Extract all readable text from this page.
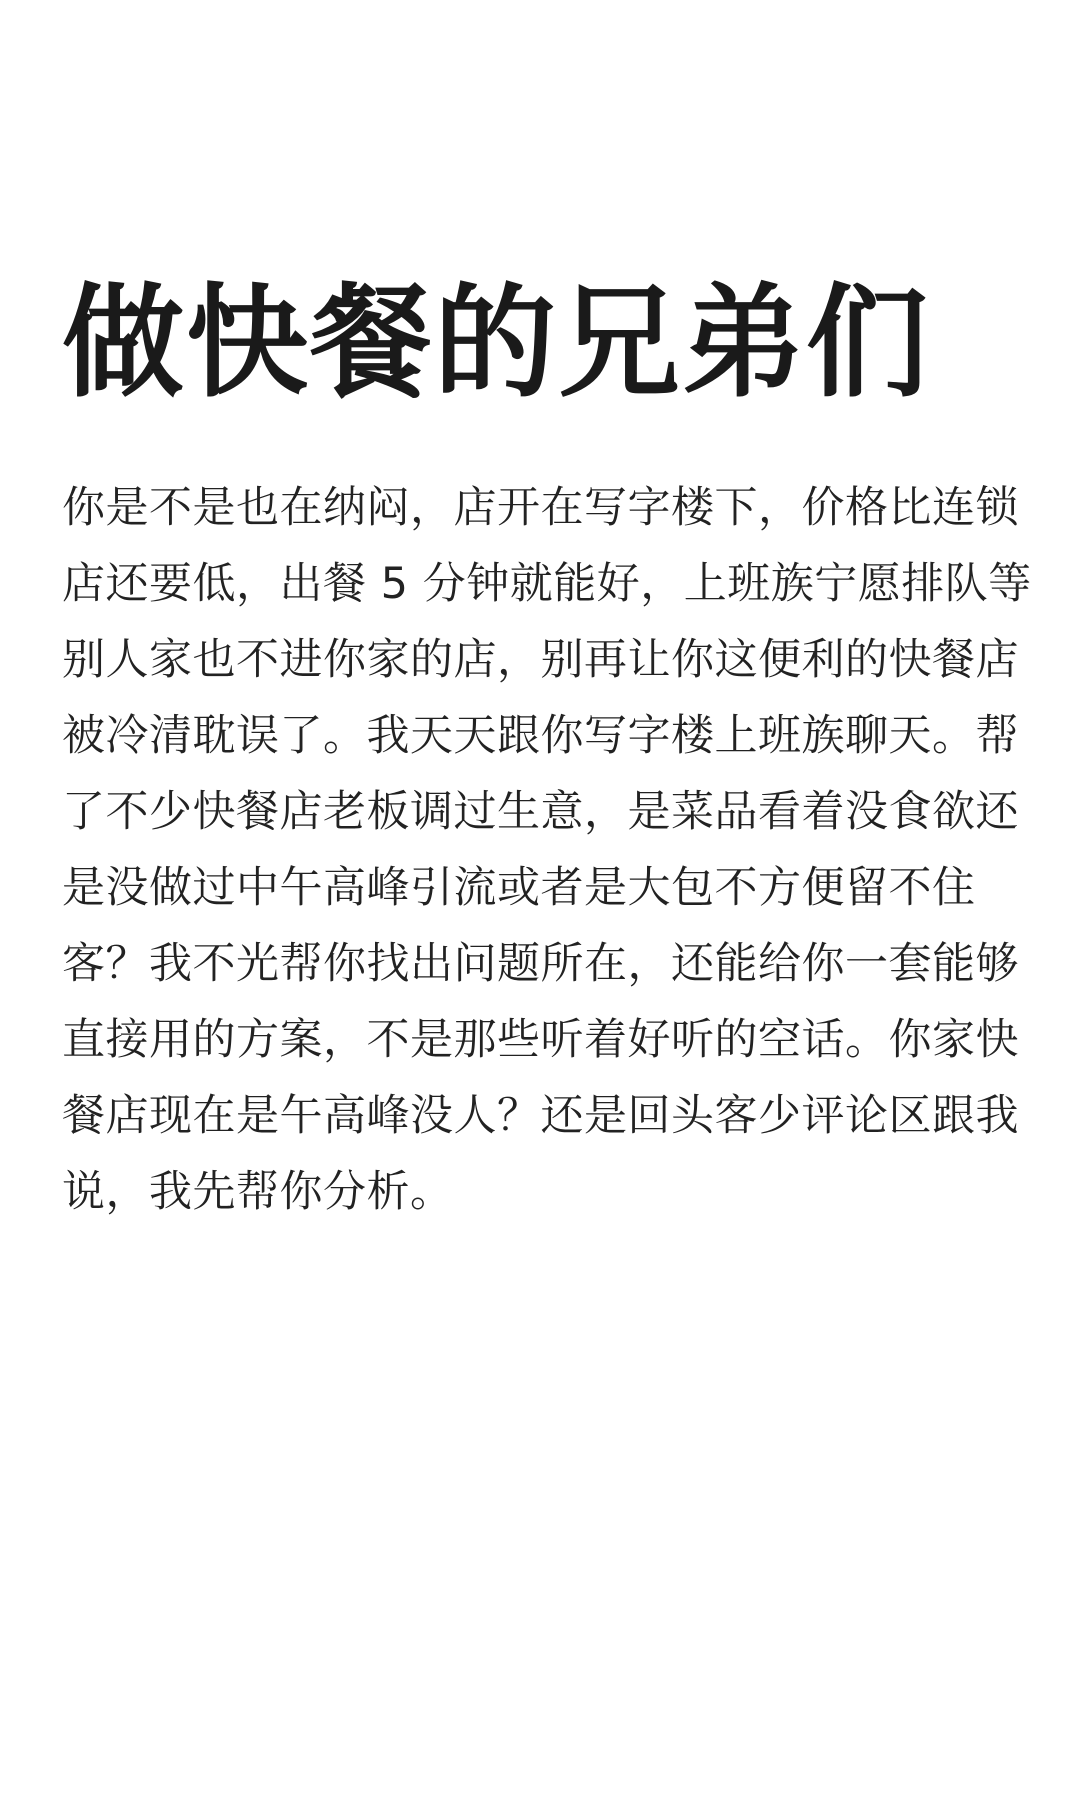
做快餐的兄弟们
你是不是也在纳闷，店开在写字楼下，价格比连锁
店还要低，出餐 5 分钟就能好，上班族宁愿排队等
别人家也不进你家的店，别再让你这便利的快餐店
被冷清耽误了。我天天跟你写字楼上班族聊天。帮
了不少快餐店老板调过生意，是菜品看着没食欲还
是没做过中午高峰引流或者是大包不方便留不住
客？我不光帮你找出问题所在，还能给你一套能够
直接用的方案，不是那些听着好听的空话。你家快
餐店现在是午高峰没人？还是回头客少评论区跟我
说，我先帮你分析。
